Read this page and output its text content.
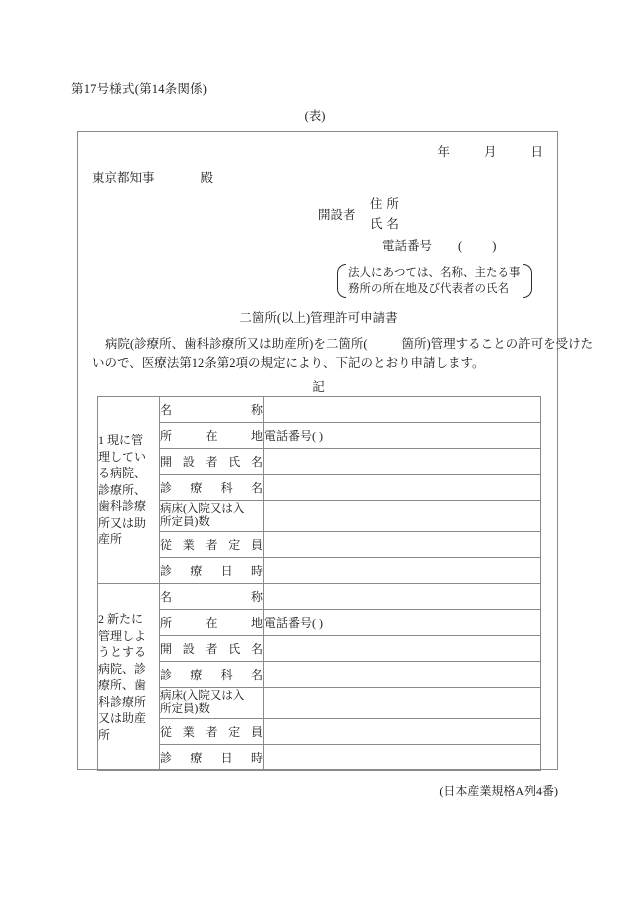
第17号様式(第14条関係)
(表)
年	月	日
東京都知事	殿
開設者
住 所
氏 名
電話番号 ( )
法人にあつては、名称、主たる事
務所の所在地及び代表者の氏名
二箇所(以上)管理許可申請書
病院(診療所、歯科診療所又は助産所)を二箇所(	箇所)管理することの許可を受けた
いので、医療法第12条第2項の規定により、下記のとおり申請します。
記
1 現に管
理してい
る病院、
診療所、
歯科診療
所又は助
産所

名称

	所在地	電話番号( )

	開設者氏名	

	診療科名	

	病床(入院又は入
所定員)数	

	従業者定員	

	診療日時	

2 新たに
管理しよ
うとする
病院、診
療所、歯
科診療所
又は助産
所

名称

	所在地	電話番号( )

	開設者氏名	

	診療科名	

	病床(入院又は入
所定員)数	

	従業者定員	

	診療日時	

(日本産業規格A列4番)
